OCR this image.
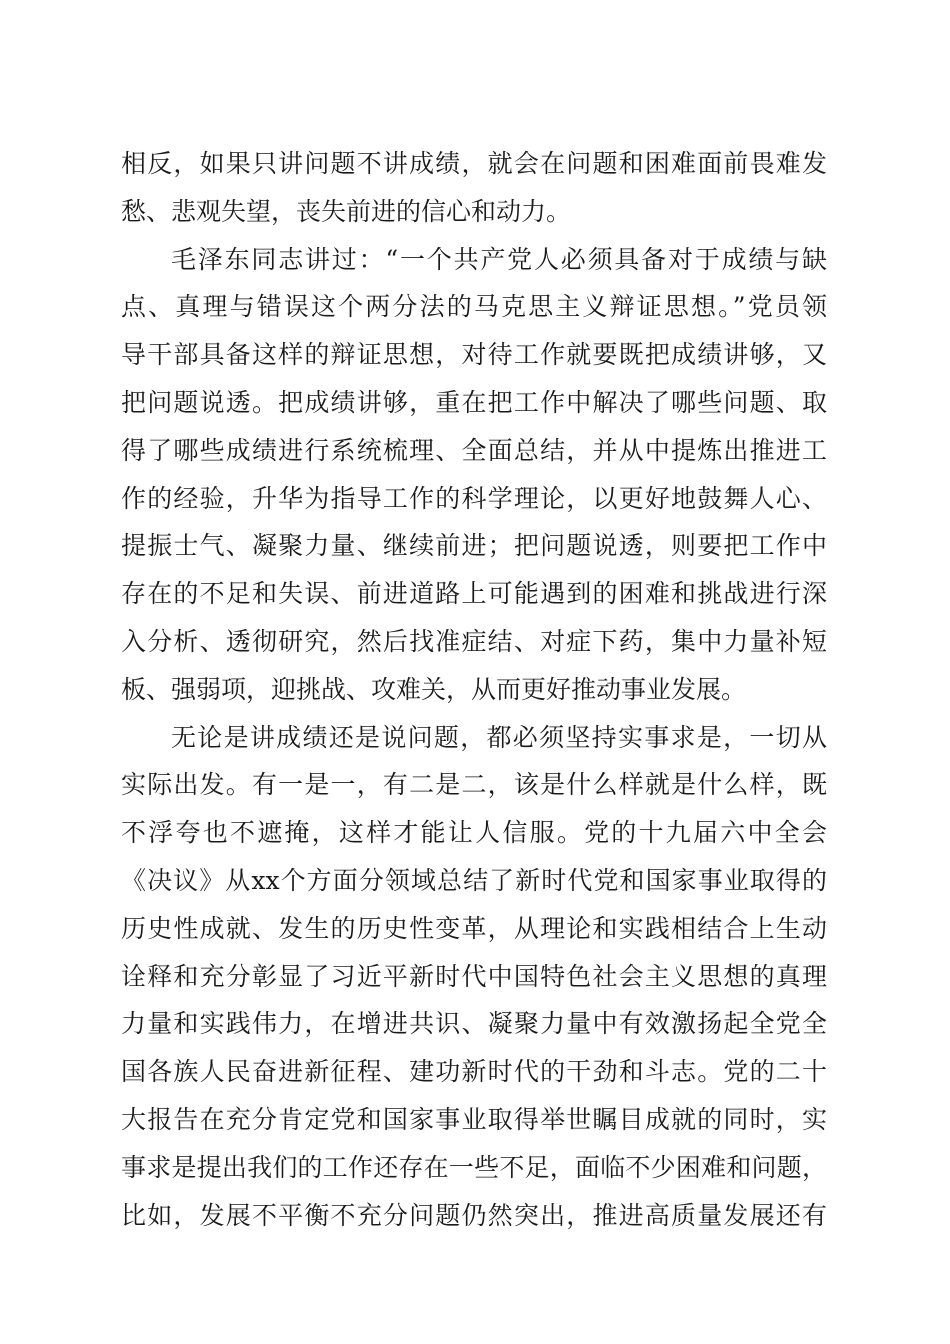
相反，如果只讲问题不讲成绩，就会在问题和困难面前畏难发
愁、悲观失望，丧失前进的信心和动力。
毛泽东同志讲过：“一个共产党人必须具备对于成绩与缺
点、真理与错误这个两分法的马克思主义辩证思想。”党员领
导干部具备这样的辩证思想，对待工作就要既把成绩讲够，又
把问题说透。把成绩讲够，重在把工作中解决了哪些问题、取
得了哪些成绩进行系统梳理、全面总结，并从中提炼出推进工
作的经验，升华为指导工作的科学理论，以更好地鼓舞人心、
提振士气、凝聚力量、继续前进；把问题说透，则要把工作中
存在的不足和失误、前进道路上可能遇到的困难和挑战进行深
入分析、透彻研究，然后找准症结、对症下药，集中力量补短
板、强弱项，迎挑战、攻难关，从而更好推动事业发展。
无论是讲成绩还是说问题，都必须坚持实事求是，一切从
实际出发。有一是一，有二是二，该是什么样就是什么样，既
不浮夸也不遮掩，这样才能让人信服。党的十九届六中全会
《决议》从xx个方面分领域总结了新时代党和国家事业取得的
历史性成就、发生的历史性变革，从理论和实践相结合上生动
诠释和充分彰显了习近平新时代中国特色社会主义思想的真理
力量和实践伟力，在增进共识、凝聚力量中有效激扬起全党全
国各族人民奋进新征程、建功新时代的干劲和斗志。党的二十
大报告在充分肯定党和国家事业取得举世瞩目成就的同时，实
事求是提出我们的工作还存在一些不足，面临不少困难和问题，
比如，发展不平衡不充分问题仍然突出，推进高质量发展还有
